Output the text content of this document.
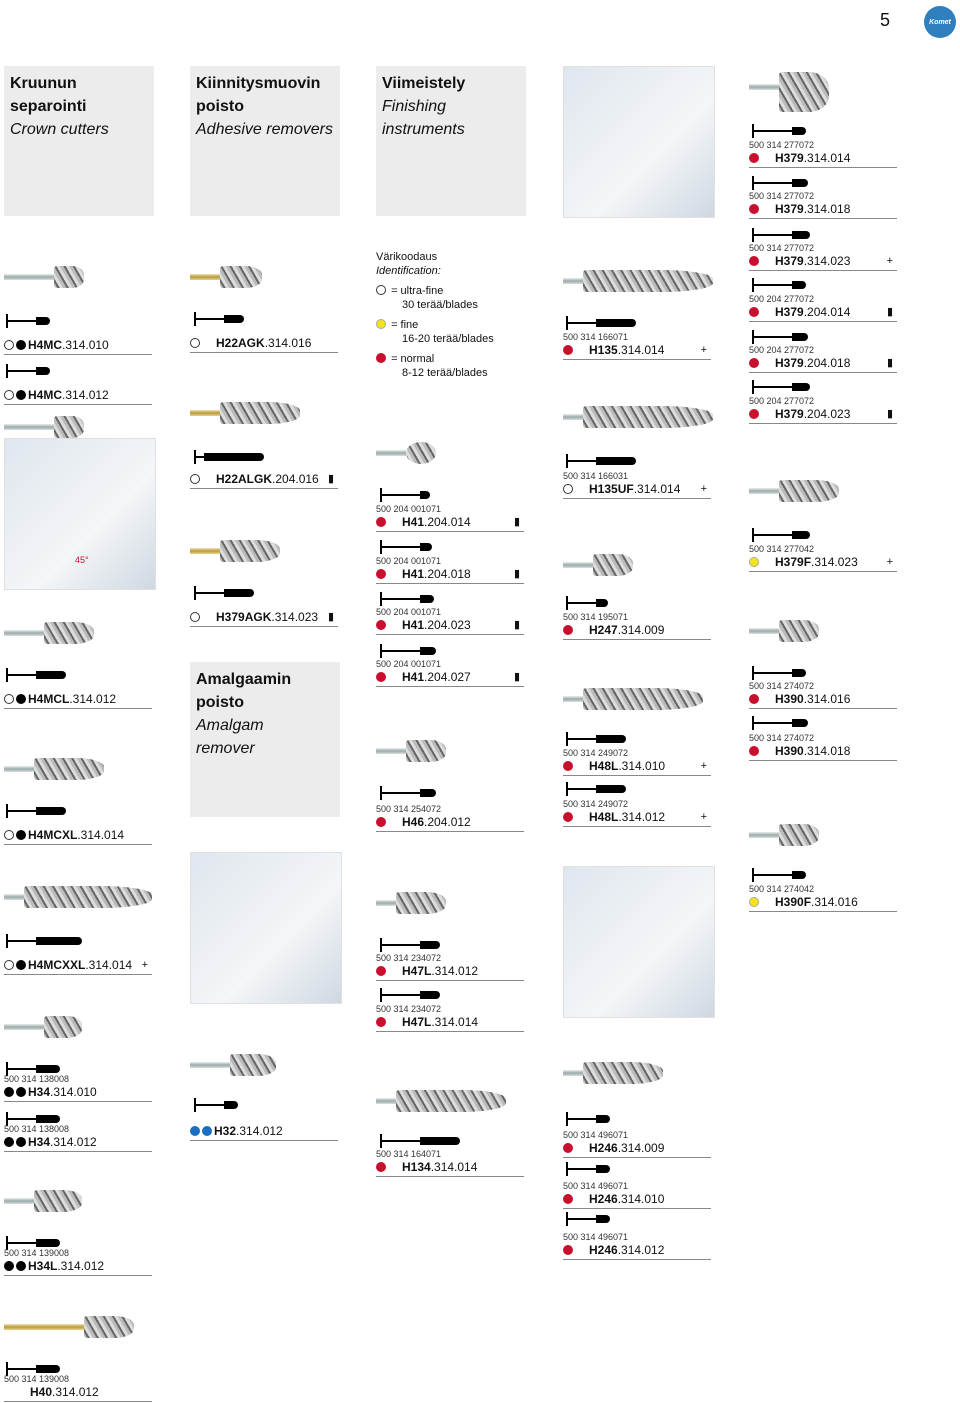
5	Komet
Kruunun separointi
Crown cutters
Kiinnitysmuovin poisto
Adhesive removers
Viimeistely
Finishing instruments
45°
Värikoodaus
Identification:
= ultra-fine
30 terää/blades
= fine
16-20 terää/blades
= normal
8-12 terää/blades
Amalgaamin
poisto
Amalgam
remover
H4MC.314.010
H4MC.314.012
H4MCL.314.012
H4MCXL.314.014
H4MCXXL.314.014 +
500 314 138008
H34.314.010
500 314 138008
H34.314.012
500 314 139008
H34L.314.012
500 314 139008
H40.314.012
H22AGK.314.016
H22ALGK.204.016 ▮
H379AGK.314.023 ▮
H32.314.012
500 204 001071
H41.204.014	▮
500 204 001071
H41.204.018	▮
500 204 001071
H41.204.023	▮
500 204 001071
H41.204.027	▮
500 314 254072
H46.204.012
500 314 234072
H47L.314.012
500 314 234072
H47L.314.014
500 314 164071
H134.314.014
500 314 166071
H135.314.014	+
500 314 166031
H135UF.314.014 +
500 314 195071
H247.314.009
500 314 249072
H48L.314.010	+
500 314 249072
H48L.314.012	+
500 314 496071
H246.314.009
500 314 496071
H246.314.010
500 314 496071
H246.314.012
500 314 277072
H379.314.014
500 314 277072
H379.314.018
500 314 277072
H379.314.023	+
500 204 277072
H379.204.014	▮
500 204 277072
H379.204.018	▮
500 204 277072
H379.204.023	▮
500 314 277042
H379F.314.023	+
500 314 274072
H390.314.016
500 314 274072
H390.314.018
500 314 274042
H390F.314.016
